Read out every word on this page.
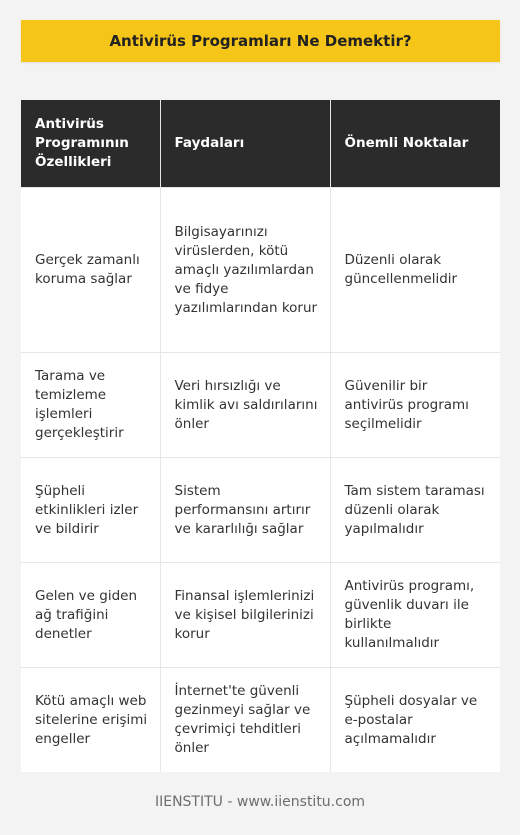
Antivirüs Programları Ne Demektir?
Antivirüs Programının Özellikleri	Faydaları	Önemli Noktalar
Gerçek zamanlı koruma sağlar	Bilgisayarınızı virüslerden, kötü amaçlı yazılımlardan ve fidye yazılımlarından korur	Düzenli olarak güncellenmelidir
Tarama ve temizleme işlemleri gerçekleştirir	Veri hırsızlığı ve kimlik avı saldırılarını önler	Güvenilir bir antivirüs programı seçilmelidir
Şüpheli etkinlikleri izler ve bildirir	Sistem performansını artırır ve kararlılığı sağlar	Tam sistem taraması düzenli olarak yapılmalıdır
Gelen ve giden ağ trafiğini denetler	Finansal işlemlerinizi ve kişisel bilgilerinizi korur	Antivirüs programı, güvenlik duvarı ile birlikte kullanılmalıdır
Kötü amaçlı web sitelerine erişimi engeller	İnternet'te güvenli gezinmeyi sağlar ve çevrimiçi tehditleri önler	Şüpheli dosyalar ve e-postalar açılmamalıdır
IIENSTITU - www.iienstitu.com
